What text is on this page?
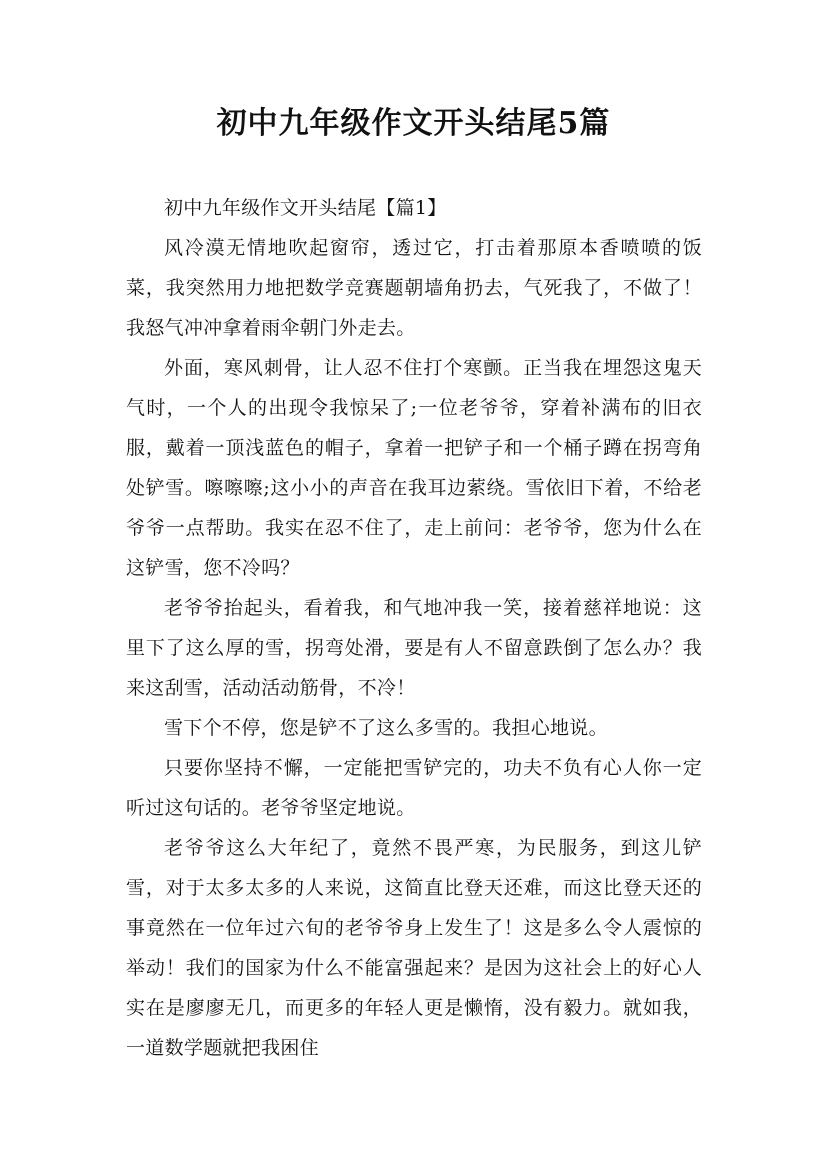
初中九年级作文开头结尾5篇

初中九年级作文开头结尾【篇1】

风冷漠无情地吹起窗帘，透过它，打击着那原本香喷喷的饭菜，我突然用力地把数学竞赛题朝墙角扔去，气死我了，不做了！我怒气冲冲拿着雨伞朝门外走去。

外面，寒风刺骨，让人忍不住打个寒颤。正当我在埋怨这鬼天气时，一个人的出现令我惊呆了;一位老爷爷，穿着补满布的旧衣服，戴着一顶浅蓝色的帽子，拿着一把铲子和一个桶子蹲在拐弯角处铲雪。嚓嚓嚓;这小小的声音在我耳边萦绕。雪依旧下着，不给老爷爷一点帮助。我实在忍不住了，走上前问：老爷爷，您为什么在这铲雪，您不冷吗？

老爷爷抬起头，看着我，和气地冲我一笑，接着慈祥地说：这里下了这么厚的雪，拐弯处滑，要是有人不留意跌倒了怎么办？我来这刮雪，活动活动筋骨，不冷！

雪下个不停，您是铲不了这么多雪的。我担心地说。

只要你坚持不懈，一定能把雪铲完的，功夫不负有心人你一定听过这句话的。老爷爷坚定地说。

老爷爷这么大年纪了，竟然不畏严寒，为民服务，到这儿铲雪，对于太多太多的人来说，这简直比登天还难，而这比登天还的事竟然在一位年过六旬的老爷爷身上发生了！这是多么令人震惊的举动！我们的国家为什么不能富强起来？是因为这社会上的好心人实在是廖廖无几，而更多的年轻人更是懒惰，没有毅力。就如我，一道数学题就把我困住
